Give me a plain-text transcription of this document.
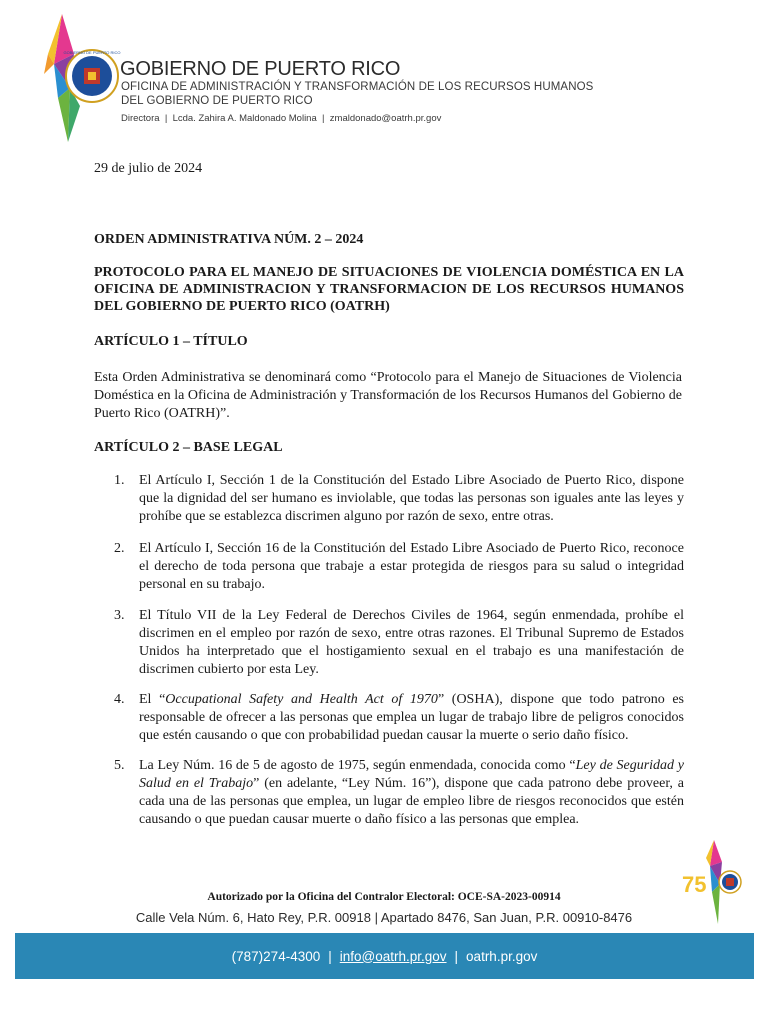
GOBIERNO DE PUERTO RICO
GOBIERNO DE PUERTO RICO
OFICINA DE ADMINISTRACIÓN Y TRANSFORMACIÓN DE LOS RECURSOS HUMANOS
DEL GOBIERNO DE PUERTO RICO
Directora  |  Lcda. Zahira A. Maldonado Molina  |  zmaldonado@oatrh.pr.gov
29 de julio de 2024
ORDEN ADMINISTRATIVA NÚM. 2 – 2024
PROTOCOLO PARA EL MANEJO DE SITUACIONES DE VIOLENCIA DOMÉSTICA EN LA OFICINA DE ADMINISTRACION Y TRANSFORMACION DE LOS RECURSOS HUMANOS DEL GOBIERNO DE PUERTO RICO (OATRH)
ARTÍCULO 1 – TÍTULO
Esta Orden Administrativa se denominará como “Protocolo para el Manejo de Situaciones de Violencia Doméstica en la Oficina de Administración y Transformación de los Recursos Humanos del Gobierno de Puerto Rico (OATRH)”.
ARTÍCULO 2 – BASE LEGAL
1.	El Artículo I, Sección 1 de la Constitución del Estado Libre Asociado de Puerto Rico, dispone que la dignidad del ser humano es inviolable, que todas las personas son iguales ante las leyes y prohíbe que se establezca discrimen alguno por razón de sexo, entre otras.
2.	El Artículo I, Sección 16 de la Constitución del Estado Libre Asociado de Puerto Rico, reconoce el derecho de toda persona que trabaje a estar protegida de riesgos para su salud o integridad personal en su trabajo.
3.	El Título VII de la Ley Federal de Derechos Civiles de 1964, según enmendada, prohíbe el discrimen en el empleo por razón de sexo, entre otras razones. El Tribunal Supremo de Estados Unidos ha interpretado que el hostigamiento sexual en el trabajo es una manifestación de discrimen cubierto por esta Ley.
4.	El “Occupational Safety and Health Act of 1970” (OSHA), dispone que todo patrono es responsable de ofrecer a las personas que emplea un lugar de trabajo libre de peligros conocidos que estén causando o que con probabilidad puedan causar la muerte o serio daño físico.
5.	La Ley Núm. 16 de 5 de agosto de 1975, según enmendada, conocida como “Ley de Seguridad y Salud en el Trabajo” (en adelante, “Ley Núm. 16”), dispone que cada patrono debe proveer, a cada una de las personas que emplea, un lugar de empleo libre de riesgos reconocidos que estén causando o que puedan causar muerte o daño físico a las personas que emplea.
75
Autorizado por la Oficina del Contralor Electoral: OCE-SA-2023-00914
Calle Vela Núm. 6, Hato Rey, P.R. 00918 | Apartado 8476, San Juan, P.R. 00910-8476
(787)274-4300 | info@oatrh.pr.gov | oatrh.pr.gov
